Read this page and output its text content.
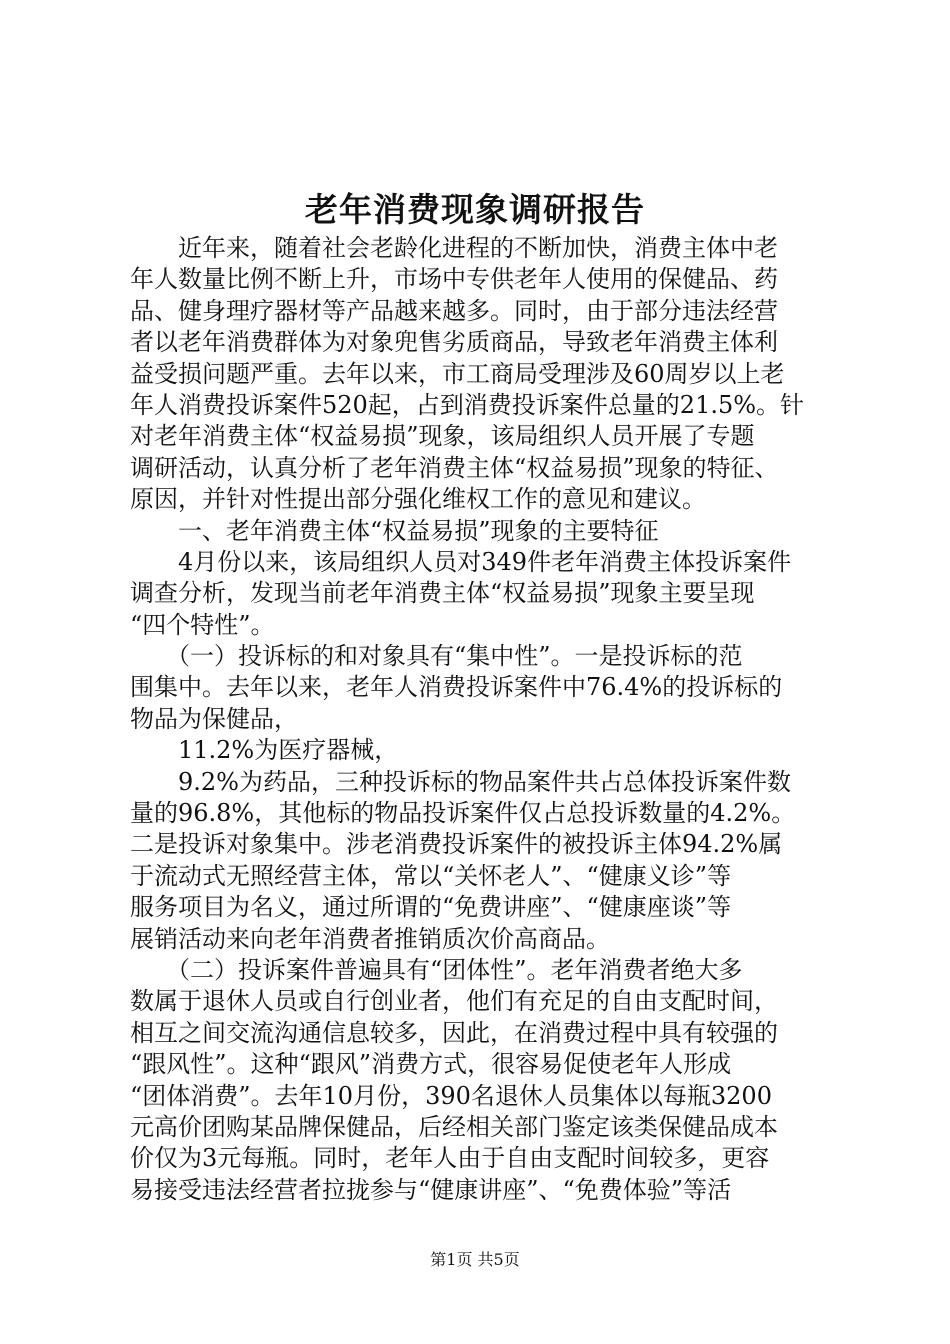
老年消费现象调研报告
　　近年来，随着社会老龄化进程的不断加快，消费主体中老
年人数量比例不断上升，市场中专供老年人使用的保健品、药
品、健身理疗器材等产品越来越多。同时，由于部分违法经营
者以老年消费群体为对象兜售劣质商品，导致老年消费主体利
益受损问题严重。去年以来，市工商局受理涉及60周岁以上老
年人消费投诉案件520起，占到消费投诉案件总量的21.5%。针
对老年消费主体“权益易损”现象，该局组织人员开展了专题
调研活动，认真分析了老年消费主体“权益易损”现象的特征、
原因，并针对性提出部分强化维权工作的意见和建议。
　　一、老年消费主体“权益易损”现象的主要特征
　　4月份以来，该局组织人员对349件老年消费主体投诉案件
调查分析，发现当前老年消费主体“权益易损”现象主要呈现
“四个特性”。
　　（一）投诉标的和对象具有“集中性”。一是投诉标的范
围集中。去年以来，老年人消费投诉案件中76.4%的投诉标的
物品为保健品，
　　11.2%为医疗器械，
　　9.2%为药品，三种投诉标的物品案件共占总体投诉案件数
量的96.8%，其他标的物品投诉案件仅占总投诉数量的4.2%。
二是投诉对象集中。涉老消费投诉案件的被投诉主体94.2%属
于流动式无照经营主体，常以“关怀老人”、“健康义诊”等
服务项目为名义，通过所谓的“免费讲座”、“健康座谈”等
展销活动来向老年消费者推销质次价高商品。
　　（二）投诉案件普遍具有“团体性”。老年消费者绝大多
数属于退休人员或自行创业者，他们有充足的自由支配时间，
相互之间交流沟通信息较多，因此，在消费过程中具有较强的
“跟风性”。这种“跟风”消费方式，很容易促使老年人形成
“团体消费”。去年10月份，390名退休人员集体以每瓶3200
元高价团购某品牌保健品，后经相关部门鉴定该类保健品成本
价仅为3元每瓶。同时，老年人由于自由支配时间较多，更容
易接受违法经营者拉拢参与“健康讲座”、“免费体验”等活
第1页 共5页
